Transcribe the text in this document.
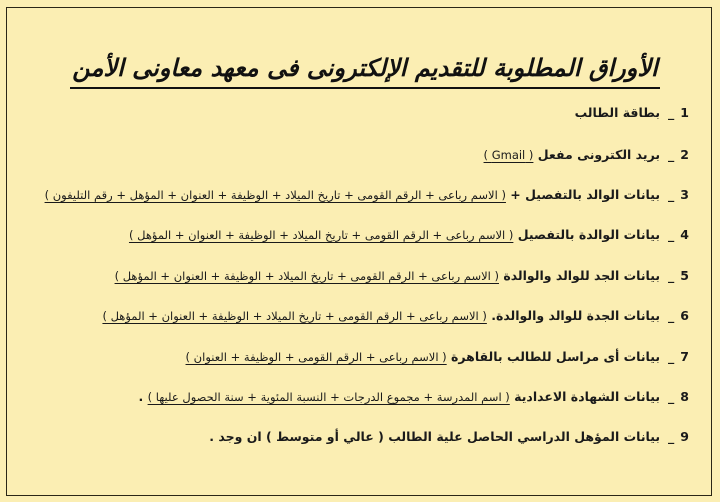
الأوراق المطلوبة للتقديم الإلكترونى فى معهد معاونى الأمن
1_بطاقة الطالب
2_بريد الكترونى مفعل ( Gmail )
3_بيانات الوالد بالتفصيل + ( الاسم رباعى + الرقم القومى + تاريخ الميلاد + الوظيفة + العنوان + المؤهل + رقم التليفون )
4_بيانات الوالدة بالتفصيل ( الاسم رباعى + الرقم القومى + تاريخ الميلاد + الوظيفة + العنوان + المؤهل )
5_بيانات الجد للوالد والوالدة ( الاسم رباعى + الرقم القومى + تاريخ الميلاد + الوظيفة + العنوان + المؤهل )
6_بيانات الجدة للوالد والوالدة. ( الاسم رباعى + الرقم القومى + تاريخ الميلاد + الوظيفة + العنوان + المؤهل )
7_بيانات أى مراسل للطالب بالقاهرة ( الاسم رباعى + الرقم القومى + الوظيفة + العنوان )
8_بيانات الشهادة الاعدادية ( اسم المدرسة + مجموع الدرجات + النسبة المئوية + سنة الحصول عليها ) .
9_بيانات المؤهل الدراسي الحاصل علية الطالب ( عالي أو متوسط ) ان وجد .
